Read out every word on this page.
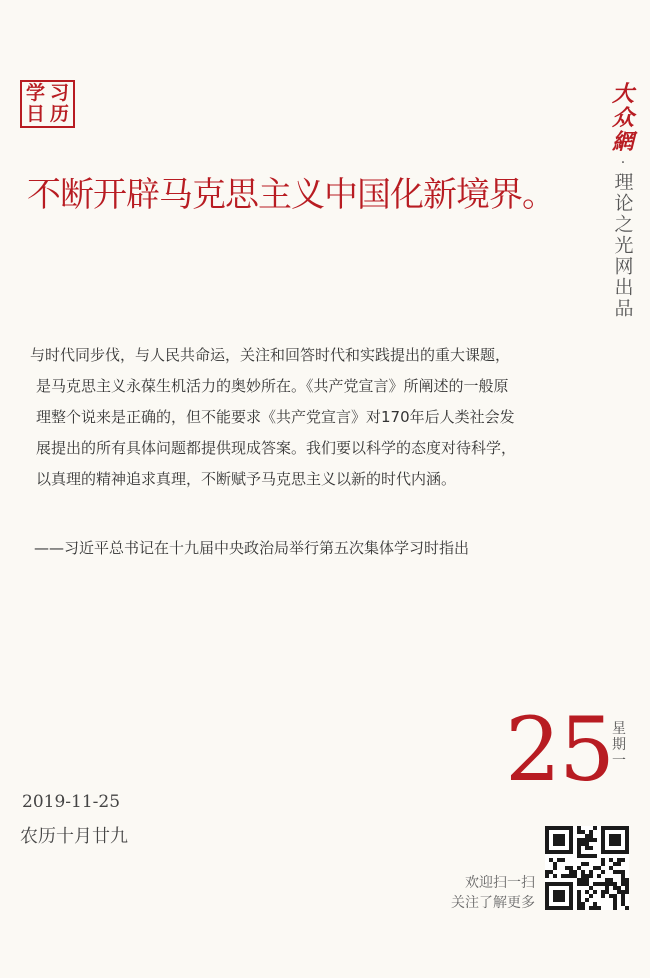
学 习
日 历
不断开辟马克思主义中国化新境界。
大众網
·
理论之光网出品

与时代同步伐，与人民共命运，关注和回答时代和实践提出的重大课题，

是马克思主义永葆生机活力的奥妙所在。《共产党宣言》所阐述的一般原

理整个说来是正确的，但不能要求《共产党宣言》对170年后人类社会发

展提出的所有具体问题都提供现成答案。我们要以科学的态度对待科学，

以真理的精神追求真理，不断赋予马克思主义以新的时代内涵。

——习近平总书记在十九届中央政治局举行第五次集体学习时指出
25 星
期
一
2019-11-25
农历十月廿九
欢迎扫一扫
关注了解更多
